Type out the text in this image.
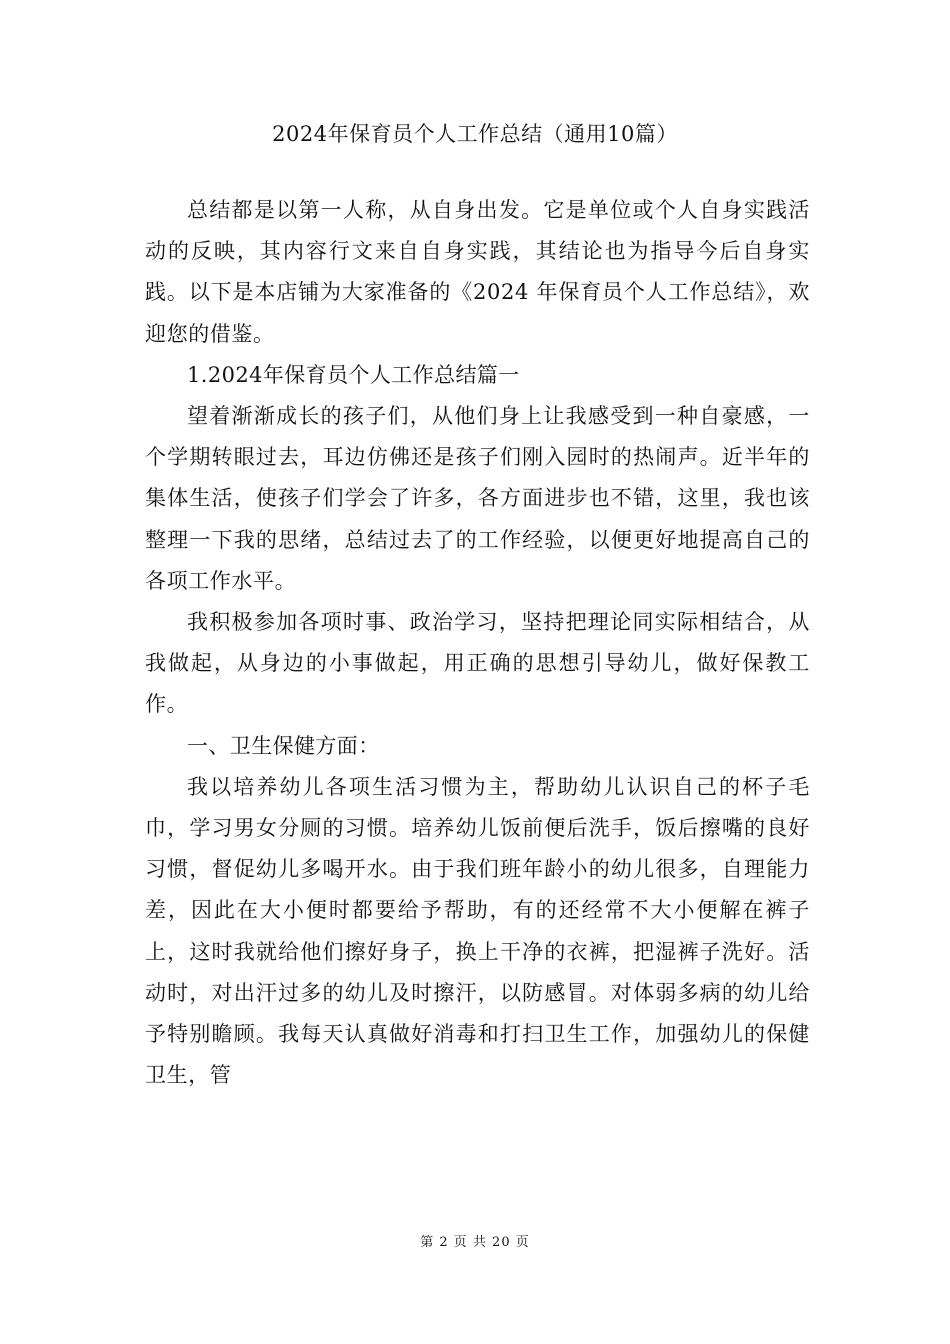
2024年保育员个人工作总结（通用10篇）

总结都是以第一人称，从自身出发。它是单位或个人自身实践活动的反映，其内容行文来自自身实践，其结论也为指导今后自身实践。以下是本店铺为大家准备的《2024 年保育员个人工作总结》，欢迎您的借鉴。

1.2024年保育员个人工作总结篇一

望着渐渐成长的孩子们，从他们身上让我感受到一种自豪感，一个学期转眼过去，耳边仿佛还是孩子们刚入园时的热闹声。近半年的集体生活，使孩子们学会了许多，各方面进步也不错，这里，我也该整理一下我的思绪，总结过去了的工作经验，以便更好地提高自己的各项工作水平。

我积极参加各项时事、政治学习，坚持把理论同实际相结合，从我做起，从身边的小事做起，用正确的思想引导幼儿，做好保教工作。

一、卫生保健方面：

我以培养幼儿各项生活习惯为主，帮助幼儿认识自己的杯子毛巾，学习男女分厕的习惯。培养幼儿饭前便后洗手，饭后擦嘴的良好习惯，督促幼儿多喝开水。由于我们班年龄小的幼儿很多，自理能力差，因此在大小便时都要给予帮助，有的还经常不大小便解在裤子上，这时我就给他们擦好身子，换上干净的衣裤，把湿裤子洗好。活动时，对出汗过多的幼儿及时擦汗，以防感冒。对体弱多病的幼儿给予特别瞻顾。我每天认真做好消毒和打扫卫生工作，加强幼儿的保健卫生，管

第 2 页 共 20 页
